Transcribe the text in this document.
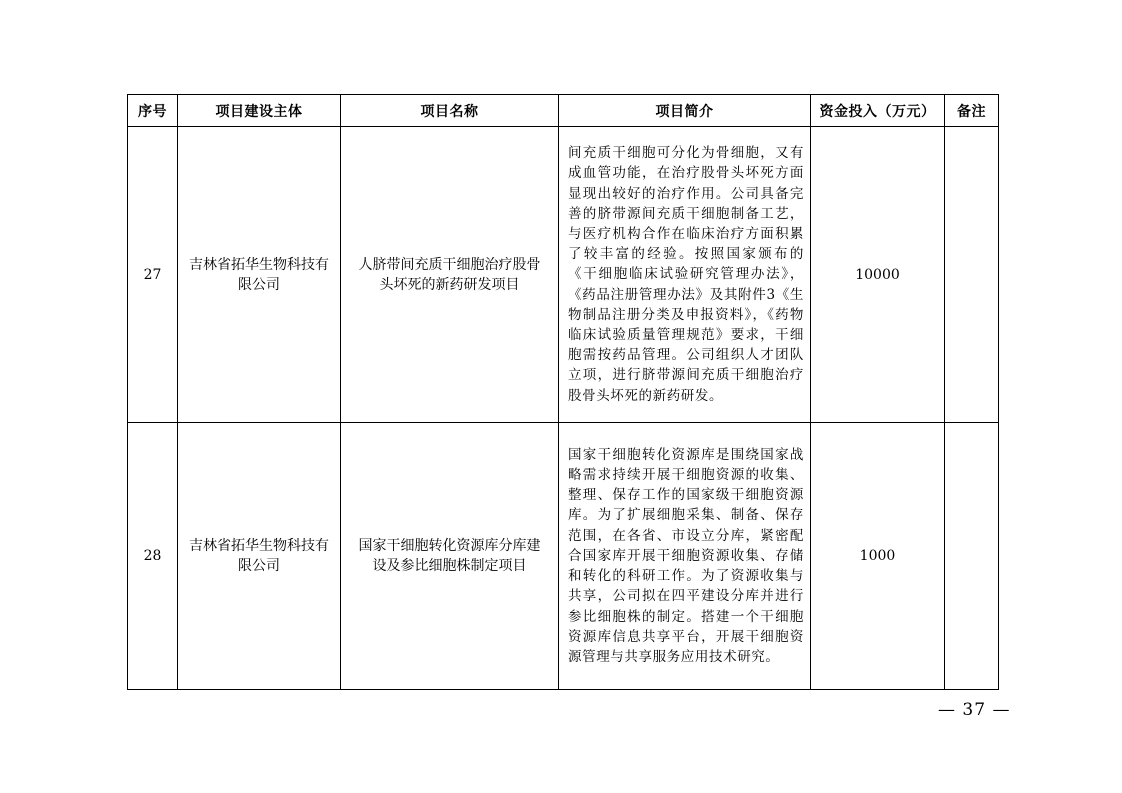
序号	项目建设主体	项目名称	项目简介	资金投入（万元）	备注
27	吉林省拓华生物科技有限公司	人脐带间充质干细胞治疗股骨头坏死的新药研发项目	间充质干细胞可分化为骨细胞，又有成血管功能，在治疗股骨头坏死方面显现出较好的治疗作用。公司具备完善的脐带源间充质干细胞制备工艺，与医疗机构合作在临床治疗方面积累了较丰富的经验。按照国家颁布的《干细胞临床试验研究管理办法》，《药品注册管理办法》及其附件3《生物制品注册分类及申报资料》，《药物临床试验质量管理规范》要求，干细胞需按药品管理。公司组织人才团队立项，进行脐带源间充质干细胞治疗股骨头坏死的新药研发。	10000	
28	吉林省拓华生物科技有限公司	国家干细胞转化资源库分库建设及参比细胞株制定项目	国家干细胞转化资源库是围绕国家战略需求持续开展干细胞资源的收集、整理、保存工作的国家级干细胞资源库。为了扩展细胞采集、制备、保存范围，在各省、市设立分库，紧密配合国家库开展干细胞资源收集、存储和转化的科研工作。为了资源收集与共享，公司拟在四平建设分库并进行参比细胞株的制定。搭建一个干细胞资源库信息共享平台，开展干细胞资源管理与共享服务应用技术研究。	1000	
— 37 —
